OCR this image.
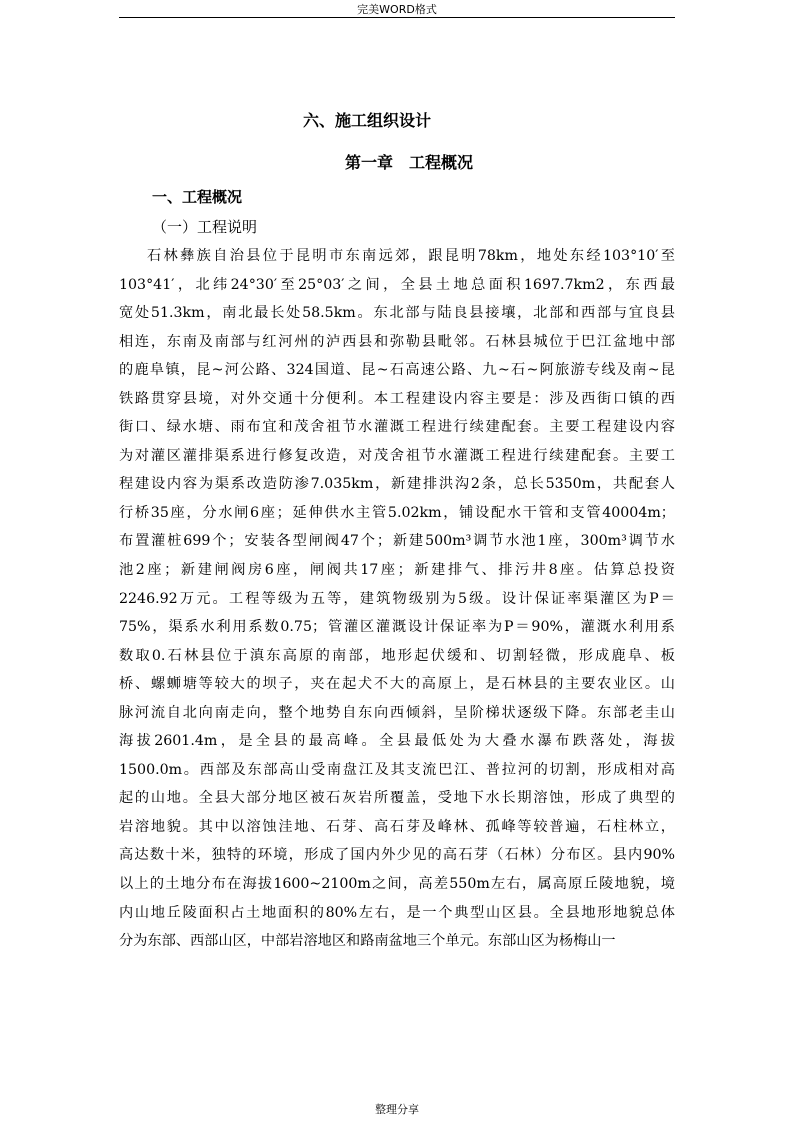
完美WORD格式
六、施工组织设计
第一章　工程概况
一、工程概况
（一）工程说明
石林彝族自治县位于昆明市东南远郊，跟昆明78km，地处东经103°10′至
103°41′，北纬24°30′至25°03′之间，全县土地总面积1697.7km2，东西最
宽处51.3km，南北最长处58.5km。东北部与陆良县接壤，北部和西部与宜良县
相连，东南及南部与红河州的泸西县和弥勒县毗邻。石林县城位于巴江盆地中部
的鹿阜镇，昆~河公路、324国道、昆~石高速公路、九~石~阿旅游专线及南~昆
铁路贯穿县境，对外交通十分便利。本工程建设内容主要是：涉及西街口镇的西
街口、绿水塘、雨布宜和茂舍祖节水灌溉工程进行续建配套。主要工程建设内容
为对灌区灌排渠系进行修复改造，对茂舍祖节水灌溉工程进行续建配套。主要工
程建设内容为渠系改造防渗7.035km，新建排洪沟2条，总长5350m，共配套人
行桥35座，分水闸6座；延伸供水主管5.02km，铺设配水干管和支管40004m；
布置灌桩699个；安装各型闸阀47个；新建500m³调节水池1座，300m³调节水
池2座；新建闸阀房6座，闸阀共17座；新建排气、排污井8座。估算总投资
2246.92万元。工程等级为五等，建筑物级别为5级。设计保证率渠灌区为P＝
75%，渠系水利用系数0.75；管灌区灌溉设计保证率为P＝90%，灌溉水利用系
数取0.石林县位于滇东高原的南部，地形起伏缓和、切割轻微，形成鹿阜、板
桥、螺蛳塘等较大的坝子，夹在起犬不大的高原上，是石林县的主要农业区。山
脉河流自北向南走向，整个地势自东向西倾斜，呈阶梯状逐级下降。东部老圭山
海拔2601.4m，是全县的最高峰。全县最低处为大叠水瀑布跌落处，海拔
1500.0m。西部及东部高山受南盘江及其支流巴江、普拉河的切割，形成相对高
起的山地。全县大部分地区被石灰岩所覆盖，受地下水长期溶蚀，形成了典型的
岩溶地貌。其中以溶蚀洼地、石芽、高石芽及峰林、孤峰等较普遍，石柱林立，
高达数十米，独特的环境，形成了国内外少见的高石芽（石林）分布区。县内90%
以上的土地分布在海拔1600~2100m之间，高差550m左右，属高原丘陵地貌，境
内山地丘陵面积占土地面积的80%左右，是一个典型山区县。全县地形地貌总体
分为东部、西部山区，中部岩溶地区和路南盆地三个单元。东部山区为杨梅山一
整理分享
